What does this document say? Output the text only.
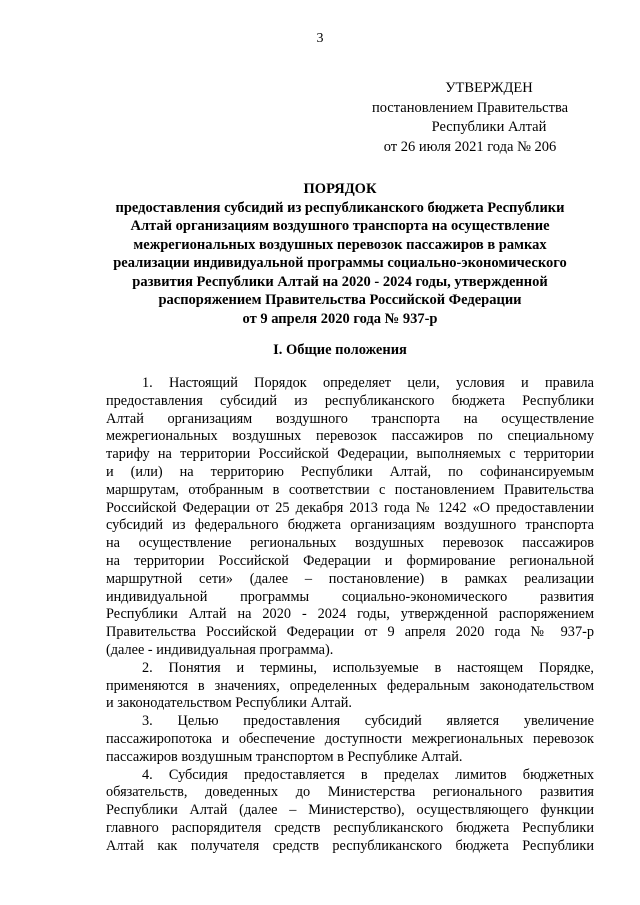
3

УТВЕРЖДЕН
постановлением Правительства
Республики Алтай
от 26 июля 2021 года № 206
ПОРЯДОК
предоставления субсидий из республиканского бюджета Республики
Алтай организациям воздушного транспорта на осуществление
межрегиональных воздушных перевозок пассажиров в рамках
реализации индивидуальной программы социально-экономического
развития Республики Алтай на 2020 - 2024 годы, утвержденной
распоряжением Правительства Российской Федерации
от 9 апреля 2020 года № 937-р

I. Общие положения

1. Настоящий Порядок определяет цели, условия и правила
предоставления субсидий из республиканского бюджета Республики
Алтай организациям воздушного транспорта на осуществление
межрегиональных воздушных перевозок пассажиров по специальному
тарифу на территории Российской Федерации, выполняемых с территории
и (или) на территорию Республики Алтай, по софинансируемым
маршрутам, отобранным в соответствии с постановлением Правительства
Российской Федерации от 25 декабря 2013 года № 1242 «О предоставлении
субсидий из федерального бюджета организациям воздушного транспорта
на осуществление региональных воздушных перевозок пассажиров
на территории Российской Федерации и формирование региональной
маршрутной сети» (далее – постановление) в рамках реализации
индивидуальной программы социально-экономического развития
Республики Алтай на 2020 - 2024 годы, утвержденной распоряжением
Правительства Российской Федерации от 9 апреля 2020 года № 937-р
(далее - индивидуальная программа).
2. Понятия и термины, используемые в настоящем Порядке,
применяются в значениях, определенных федеральным законодательством
и законодательством Республики Алтай.
3. Целью предоставления субсидий является увеличение
пассажиропотока и обеспечение доступности межрегиональных перевозок
пассажиров воздушным транспортом в Республике Алтай.
4. Субсидия предоставляется в пределах лимитов бюджетных
обязательств, доведенных до Министерства регионального развития
Республики Алтай (далее – Министерство), осуществляющего функции
главного распорядителя средств республиканского бюджета Республики
Алтай как получателя средств республиканского бюджета Республики
